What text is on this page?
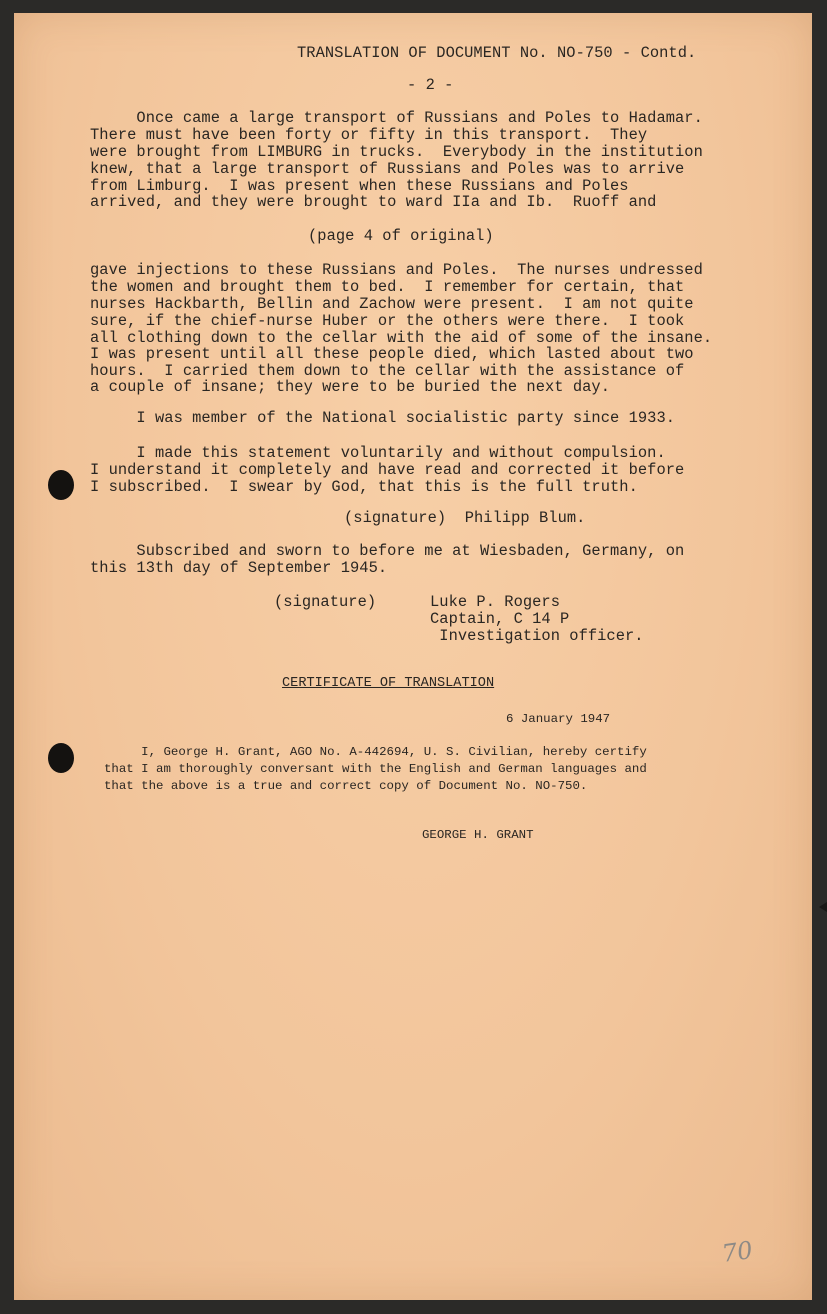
TRANSLATION OF DOCUMENT No. NO-750 - Contd.
- 2 -
Once came a large transport of Russians and Poles to Hadamar.
There must have been forty or fifty in this transport.  They
were brought from LIMBURG in trucks.  Everybody in the institution
knew, that a large transport of Russians and Poles was to arrive
from Limburg.  I was present when these Russians and Poles
arrived, and they were brought to ward IIa and Ib.  Ruoff and
(page 4 of original)
gave injections to these Russians and Poles.  The nurses undressed
the women and brought them to bed.  I remember for certain, that
nurses Hackbarth, Bellin and Zachow were present.  I am not quite
sure, if the chief-nurse Huber or the others were there.  I took
all clothing down to the cellar with the aid of some of the insane.
I was present until all these people died, which lasted about two
hours.  I carried them down to the cellar with the assistance of
a couple of insane; they were to be buried the next day.
I was member of the National socialistic party since 1933.
I made this statement voluntarily and without compulsion.
I understand it completely and have read and corrected it before
I subscribed.  I swear by God, that this is the full truth.
(signature)  Philipp Blum.
Subscribed and sworn to before me at Wiesbaden, Germany, on
this 13th day of September 1945.
(signature)	Luke P. Rogers
Captain, C 14 P
Investigation officer.
CERTIFICATE OF TRANSLATION
6 January 1947
I, George H. Grant, AGO No. A-442694, U. S. Civilian, hereby certify
that I am thoroughly conversant with the English and German languages and
that the above is a true and correct copy of Document No. NO-750.
GEORGE H. GRANT
70
